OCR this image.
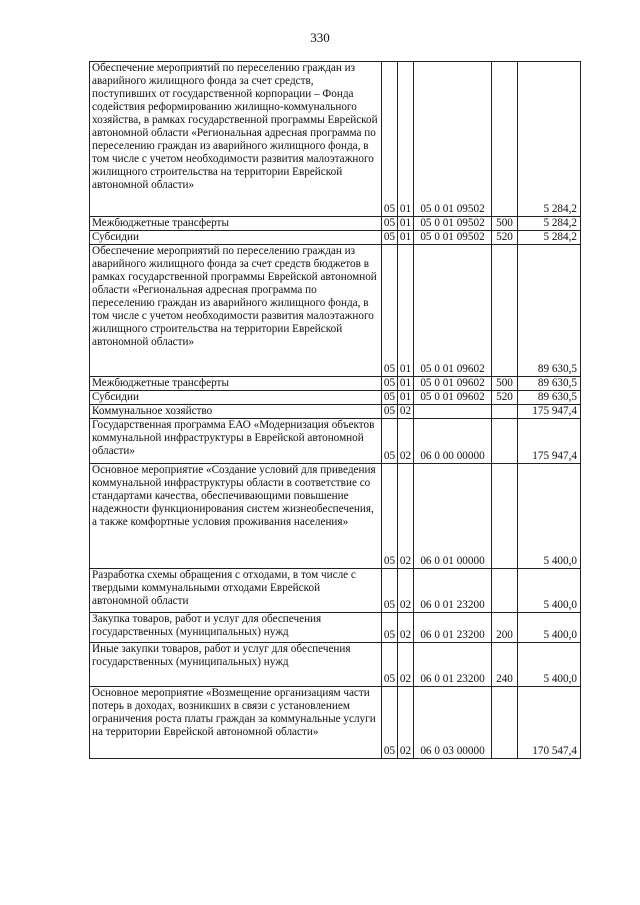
330
Обеспечение мероприятий по переселению граждан из аварийного жилищного фонда за счет средств, поступивших от государственной корпорации – Фонда содействия реформированию жилищно-коммунального хозяйства, в рамках государственной программы Еврейской автономной области «Региональная адресная программа по переселению граждан из аварийного жилищного фонда, в том числе с учетом необходимости развития малоэтажного жилищного строительства на территории Еврейской автономной области»	05	01	05 0 01 09502		5 284,2
Межбюджетные трансферты	05	01	05 0 01 09502	500	5 284,2
Субсидии	05	01	05 0 01 09502	520	5 284,2
Обеспечение мероприятий по переселению граждан из аварийного жилищного фонда за счет средств бюджетов в рамках государственной программы Еврейской автономной области «Региональная адресная программа по переселению граждан из аварийного жилищного фонда, в том числе с учетом необходимости развития малоэтажного жилищного строительства на территории Еврейской автономной области»	05	01	05 0 01 09602		89 630,5
Межбюджетные трансферты	05	01	05 0 01 09602	500	89 630,5
Субсидии	05	01	05 0 01 09602	520	89 630,5
Коммунальное хозяйство	05	02			175 947,4
Государственная программа ЕАО «Модернизация объектов коммунальной инфраструктуры в Еврейской автономной области»	05	02	06 0 00 00000		175 947,4
Основное мероприятие «Создание условий для приведения коммунальной инфраструктуры области в соответствие со стандартами качества, обеспечивающими повышение надежности функционирования систем жизнеобеспечения, а также комфортные условия проживания населения»	05	02	06 0 01 00000		5 400,0
Разработка схемы обращения с отходами, в том числе с твердыми коммунальными отходами Еврейской автономной области	05	02	06 0 01 23200		5 400,0
Закупка товаров, работ и услуг для обеспечения государственных (муниципальных) нужд	05	02	06 0 01 23200	200	5 400,0
Иные закупки товаров, работ и услуг для обеспечения государственных (муниципальных) нужд	05	02	06 0 01 23200	240	5 400,0
Основное мероприятие «Возмещение организациям части потерь в доходах, возникших в связи с установлением ограничения роста платы граждан за коммунальные услуги на территории Еврейской автономной области»	05	02	06 0 03 00000		170 547,4
